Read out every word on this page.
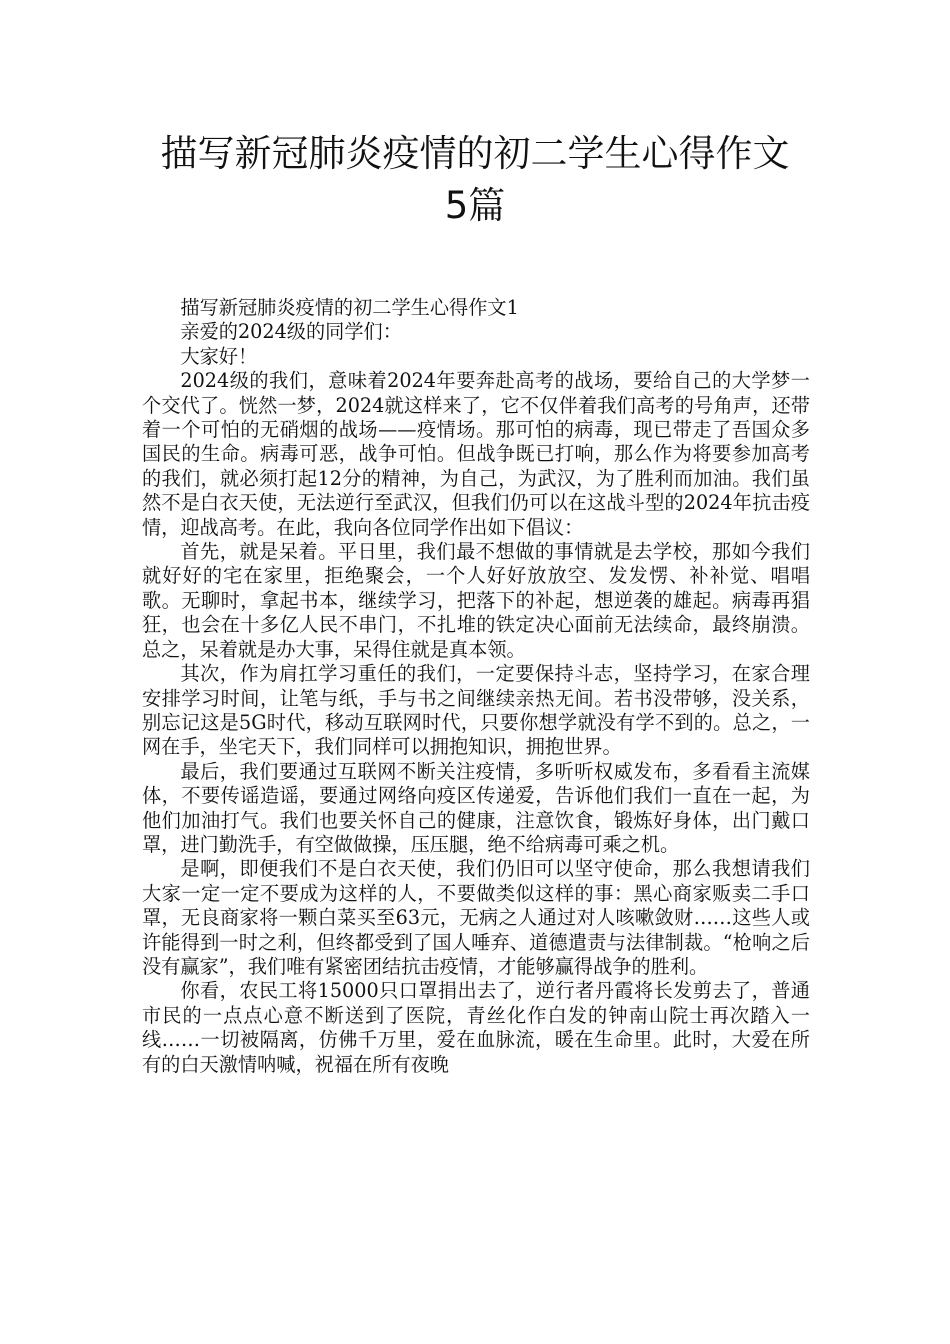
描写新冠肺炎疫情的初二学生心得作文
5篇

描写新冠肺炎疫情的初二学生心得作文1

亲爱的2024级的同学们：

大家好！

2024级的我们，意味着2024年要奔赴高考的战场，要给自己的大学梦一个交代了。恍然一梦，2024就这样来了，它不仅伴着我们高考的号角声，还带着一个可怕的无硝烟的战场——疫情场。那可怕的病毒，现已带走了吾国众多国民的生命。病毒可恶，战争可怕。但战争既已打响，那么作为将要参加高考的我们，就必须打起12分的精神，为自己，为武汉，为了胜利而加油。我们虽然不是白衣天使，无法逆行至武汉，但我们仍可以在这战斗型的2024年抗击疫情，迎战高考。在此，我向各位同学作出如下倡议：

首先，就是呆着。平日里，我们最不想做的事情就是去学校，那如今我们就好好的宅在家里，拒绝聚会，一个人好好放放空、发发愣、补补觉、唱唱歌。无聊时，拿起书本，继续学习，把落下的补起，想逆袭的雄起。病毒再猖狂，也会在十多亿人民不串门，不扎堆的铁定决心面前无法续命，最终崩溃。总之，呆着就是办大事，呆得住就是真本领。

其次，作为肩扛学习重任的我们，一定要保持斗志，坚持学习，在家合理安排学习时间，让笔与纸，手与书之间继续亲热无间。若书没带够，没关系，别忘记这是5G时代，移动互联网时代，只要你想学就没有学不到的。总之，一网在手，坐宅天下，我们同样可以拥抱知识，拥抱世界。

最后，我们要通过互联网不断关注疫情，多听听权威发布，多看看主流媒体，不要传谣造谣，要通过网络向疫区传递爱，告诉他们我们一直在一起，为他们加油打气。我们也要关怀自己的健康，注意饮食，锻炼好身体，出门戴口罩，进门勤洗手，有空做做操，压压腿，绝不给病毒可乘之机。

是啊，即便我们不是白衣天使，我们仍旧可以坚守使命，那么我想请我们大家一定一定不要成为这样的人，不要做类似这样的事：黑心商家贩卖二手口罩，无良商家将一颗白菜买至63元，无病之人通过对人咳嗽敛财……这些人或许能得到一时之利，但终都受到了国人唾弃、道德遣责与法律制裁。“枪响之后没有赢家”，我们唯有紧密团结抗击疫情，才能够赢得战争的胜利。

你看，农民工将15000只口罩捐出去了，逆行者丹霞将长发剪去了，普通市民的一点点心意不断送到了医院，青丝化作白发的钟南山院士再次踏入一线……一切被隔离，仿佛千万里，爱在血脉流，暖在生命里。此时，大爱在所有的白天激情呐喊，祝福在所有夜晚
